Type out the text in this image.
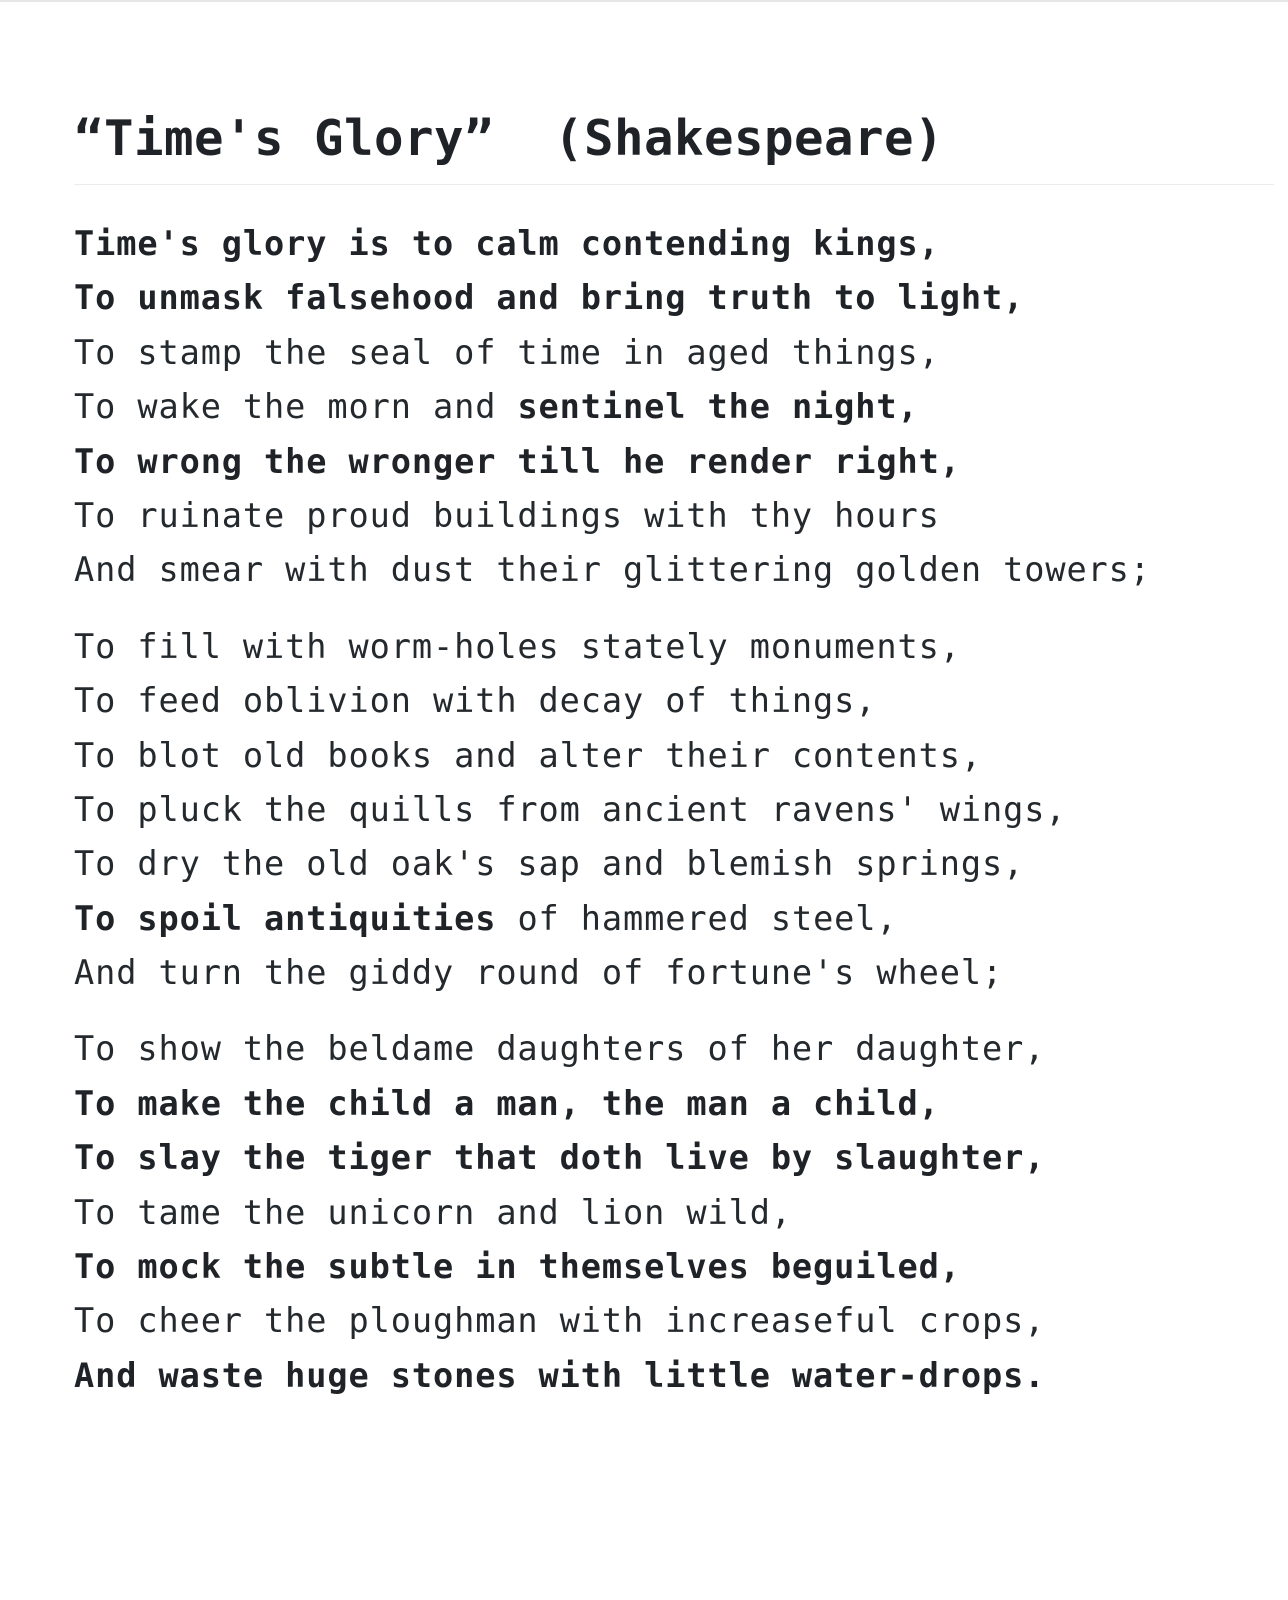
“Time's Glory”  (Shakespeare)
Time's glory is to calm contending kings,
To unmask falsehood and bring truth to light,
To stamp the seal of time in aged things,
To wake the morn and sentinel the night,
To wrong the wronger till he render right,
To ruinate proud buildings with thy hours
And smear with dust their glittering golden towers;
To fill with worm-holes stately monuments,
To feed oblivion with decay of things,
To blot old books and alter their contents,
To pluck the quills from ancient ravens' wings,
To dry the old oak's sap and blemish springs,
To spoil antiquities of hammered steel,
And turn the giddy round of fortune's wheel;
To show the beldame daughters of her daughter,
To make the child a man, the man a child,
To slay the tiger that doth live by slaughter,
To tame the unicorn and lion wild,
To mock the subtle in themselves beguiled,
To cheer the ploughman with increaseful crops,
And waste huge stones with little water-drops.
